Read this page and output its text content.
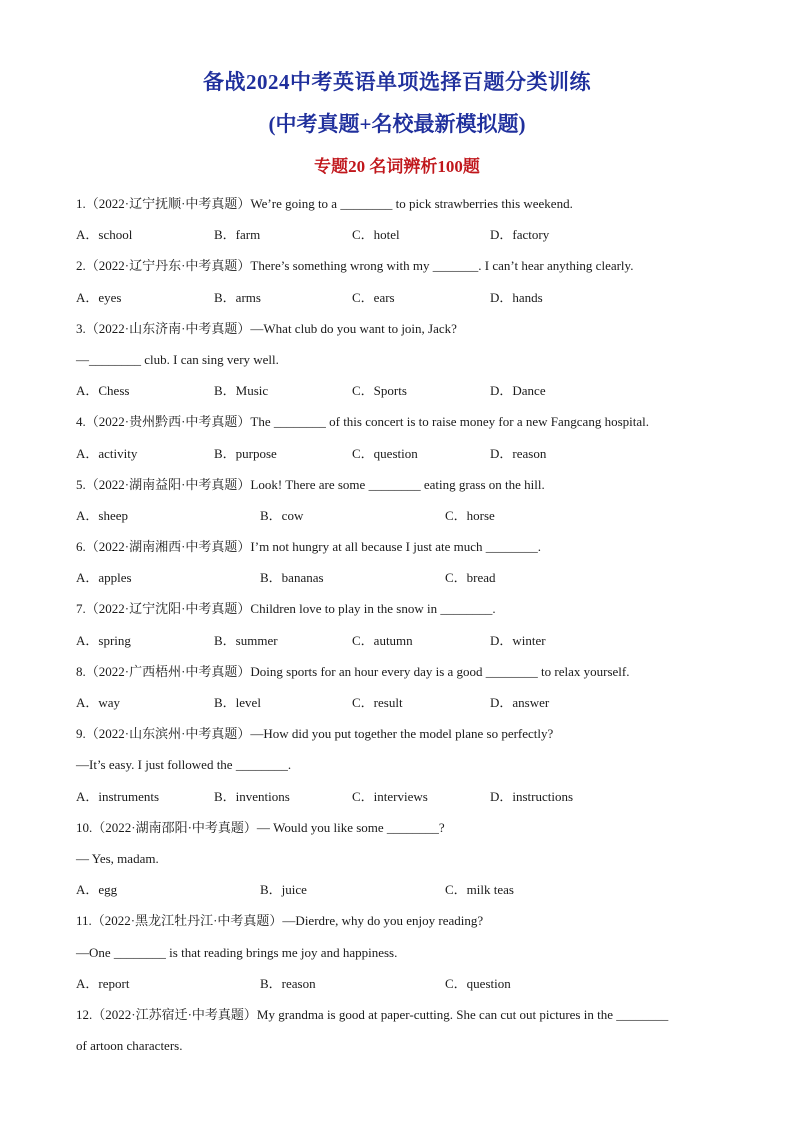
备战2024中考英语单项选择百题分类训练
(中考真题+名校最新模拟题)
专题20 名词辨析100题
1.（2022·辽宁抚顺·中考真题）We’re going to a ________ to pick strawberries this weekend.
A．school	B．farm	C．hotel	D．factory
2.（2022·辽宁丹东·中考真题）There’s something wrong with my _______. I can’t hear anything clearly.
A．eyes	B．arms	C．ears	D．hands
3.（2022·山东济南·中考真题）—What club do you want to join, Jack?
—________ club. I can sing very well.
A．Chess	B．Music	C．Sports	D．Dance
4.（2022·贵州黔西·中考真题）The ________ of this concert is to raise money for a new Fangcang hospital.
A．activity	B．purpose	C．question	D．reason
5.（2022·湖南益阳·中考真题）Look! There are some ________ eating grass on the hill.
A．sheep	B．cow	C．horse
6.（2022·湖南湘西·中考真题）I’m not hungry at all because I just ate much ________.
A．apples	B．bananas	C．bread
7.（2022·辽宁沈阳·中考真题）Children love to play in the snow in ________.
A．spring	B．summer	C．autumn	D．winter
8.（2022·广西梧州·中考真题）Doing sports for an hour every day is a good ________ to relax yourself.
A．way	B．level	C．result	D．answer
9.（2022·山东滨州·中考真题）—How did you put together the model plane so perfectly?
—It’s easy. I just followed the ________.
A．instruments	B．inventions	C．interviews	D．instructions
10.（2022·湖南邵阳·中考真题）— Would you like some ________?
— Yes, madam.
A．egg	B．juice	C．milk teas
11.（2022·黑龙江牡丹江·中考真题）—Dierdre, why do you enjoy reading?
—One ________ is that reading brings me joy and happiness.
A．report	B．reason	C．question
12.（2022·江苏宿迁·中考真题）My grandma is good at paper-cutting. She can cut out pictures in the ________
of artoon characters.
